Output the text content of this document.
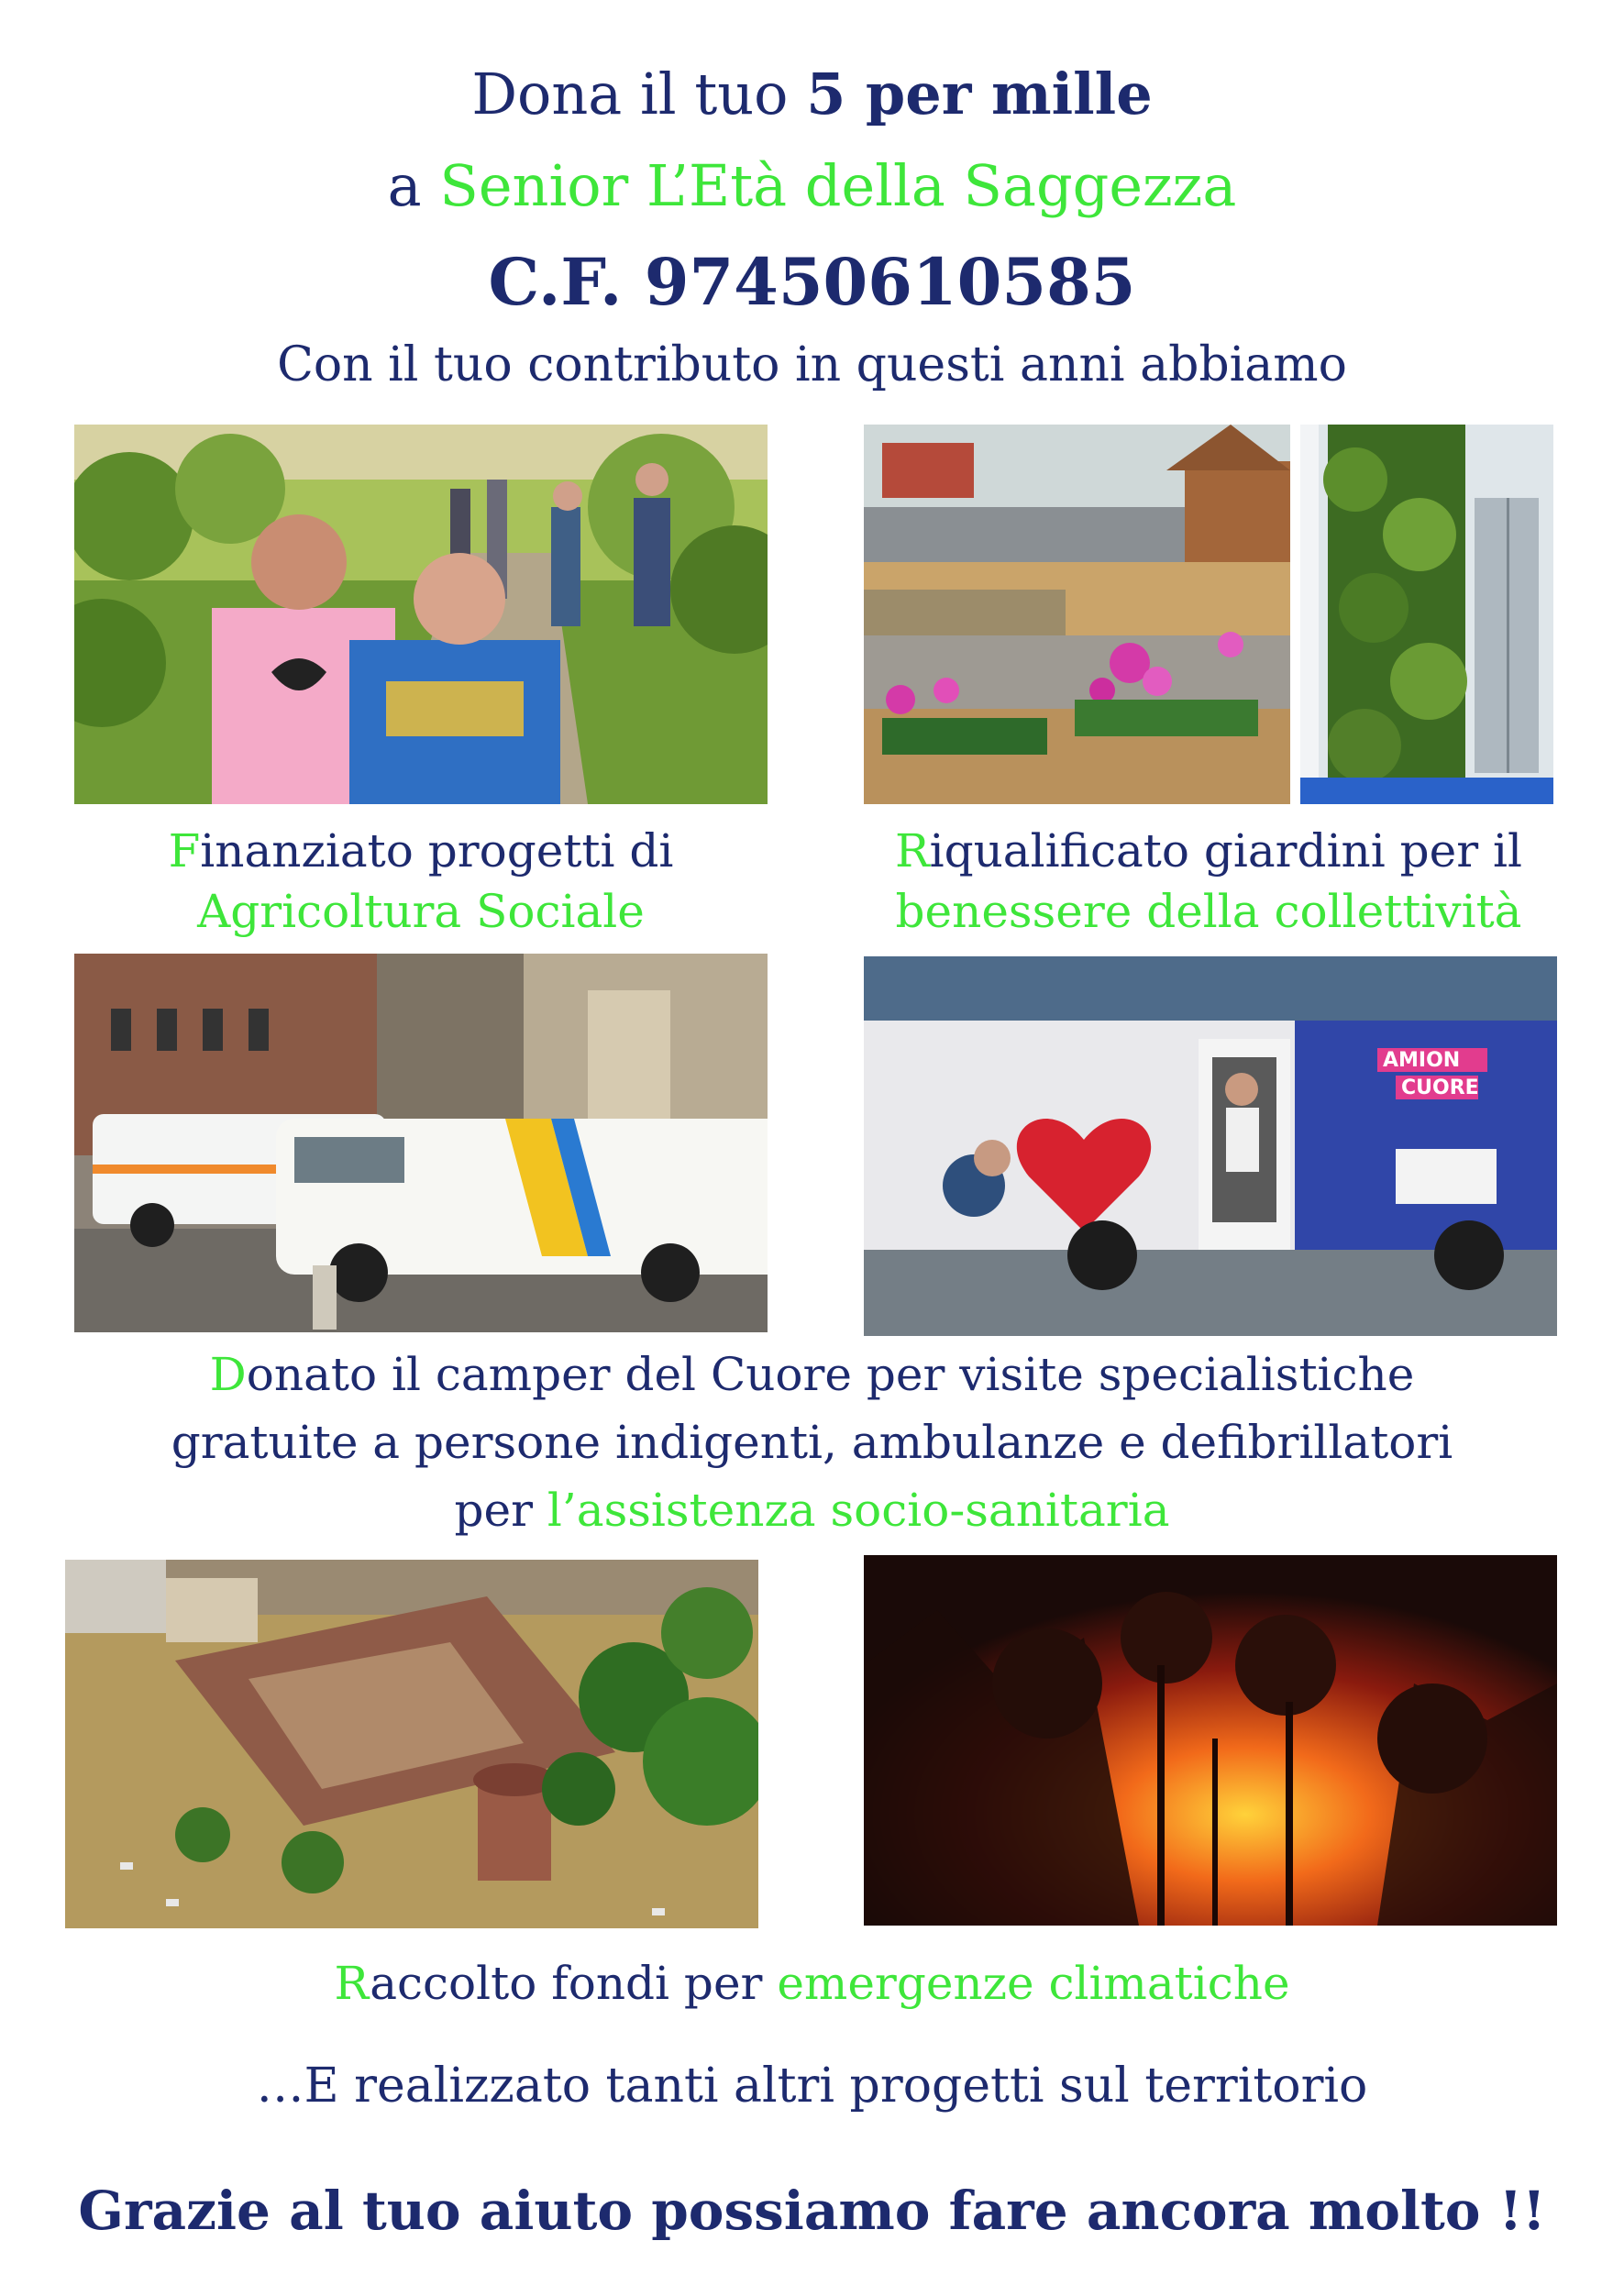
Dona il tuo 5 per mille
a Senior L’Età della Saggezza
C.F. 97450610585
Con il tuo contributo in questi anni abbiamo
Finanziato progetti di
Agricoltura Sociale
Riqualificato giardini per il
benessere della collettività
AMION
CUORE
Donato il camper del Cuore per visite specialistiche
gratuite a persone indigenti, ambulanze e defibrillatori
per l’assistenza socio-sanitaria
Raccolto fondi per emergenze climatiche
…E realizzato tanti altri progetti sul territorio
Grazie al tuo aiuto possiamo fare ancora molto !!
